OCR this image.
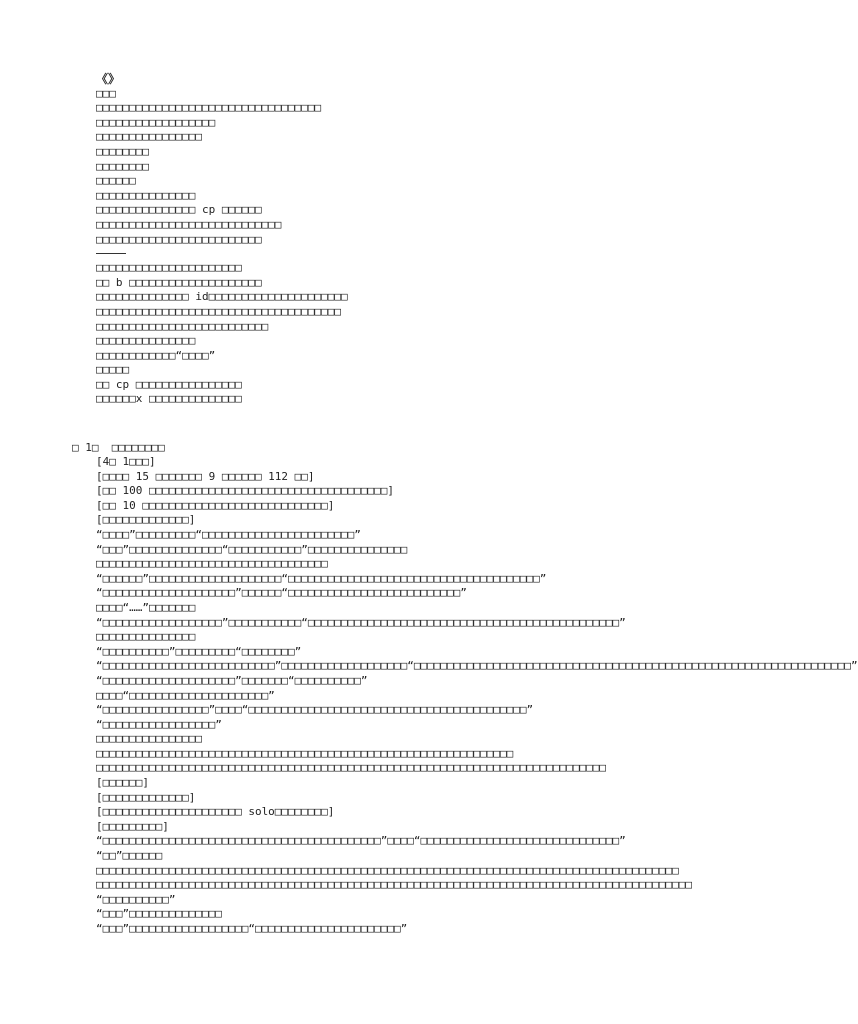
《》
□□□
□□□□□□□□□□□□□□□□□□□□□□□□□□□□□□□□□□
□□□□□□□□□□□□□□□□□□
□□□□□□□□□□□□□□□□
□□□□□□□□
□□□□□□□□
□□□□□□
□□□□□□□□□□□□□□□
□□□□□□□□□□□□□□□ cp □□□□□□
□□□□□□□□□□□□□□□□□□□□□□□□□□□□
□□□□□□□□□□□□□□□□□□□□□□□□□
□□□□□□□□□□□□□□□□□□□□□□
□□ b □□□□□□□□□□□□□□□□□□□□
□□□□□□□□□□□□□□ id□□□□□□□□□□□□□□□□□□□□□
□□□□□□□□□□□□□□□□□□□□□□□□□□□□□□□□□□□□□
□□□□□□□□□□□□□□□□□□□□□□□□□□
□□□□□□□□□□□□□□□
□□□□□□□□□□□□“□□□□”
□□□□□
□□ cp □□□□□□□□□□□□□□□□
□□□□□□x □□□□□□□□□□□□□□
□ 1□  □□□□□□□□
[4□ 1□□□]
[□□□□ 15 □□□□□□□ 9 □□□□□□ 112 □□]
[□□ 100 □□□□□□□□□□□□□□□□□□□□□□□□□□□□□□□□□□□□]
[□□ 10 □□□□□□□□□□□□□□□□□□□□□□□□□□□□]
[□□□□□□□□□□□□□]
“□□□□”□□□□□□□□□“□□□□□□□□□□□□□□□□□□□□□□□”
“□□□”□□□□□□□□□□□□□□“□□□□□□□□□□□”□□□□□□□□□□□□□□□
□□□□□□□□□□□□□□□□□□□□□□□□□□□□□□□□□□□
“□□□□□□”□□□□□□□□□□□□□□□□□□□□“□□□□□□□□□□□□□□□□□□□□□□□□□□□□□□□□□□□□□□”
“□□□□□□□□□□□□□□□□□□□□”□□□□□□“□□□□□□□□□□□□□□□□□□□□□□□□□□”
□□□□“……”□□□□□□□
“□□□□□□□□□□□□□□□□□□”□□□□□□□□□□□“□□□□□□□□□□□□□□□□□□□□□□□□□□□□□□□□□□□□□□□□□□□□□□□”
□□□□□□□□□□□□□□□
“□□□□□□□□□□”□□□□□□□□□“□□□□□□□□”
“□□□□□□□□□□□□□□□□□□□□□□□□□□”□□□□□□□□□□□□□□□□□□□“□□□□□□□□□□□□□□□□□□□□□□□□□□□□□□□□□□□□□□□□□□□□□□□□□□□□□□□□□□□□□□□□□□”
“□□□□□□□□□□□□□□□□□□□□”□□□□□□□“□□□□□□□□□□”
□□□□“□□□□□□□□□□□□□□□□□□□□□”
“□□□□□□□□□□□□□□□□”□□□□“□□□□□□□□□□□□□□□□□□□□□□□□□□□□□□□□□□□□□□□□□□”
“□□□□□□□□□□□□□□□□□”
□□□□□□□□□□□□□□□□
□□□□□□□□□□□□□□□□□□□□□□□□□□□□□□□□□□□□□□□□□□□□□□□□□□□□□□□□□□□□□□□
□□□□□□□□□□□□□□□□□□□□□□□□□□□□□□□□□□□□□□□□□□□□□□□□□□□□□□□□□□□□□□□□□□□□□□□□□□□□□
[□□□□□□]
[□□□□□□□□□□□□□]
[□□□□□□□□□□□□□□□□□□□□□ solo□□□□□□□□]
[□□□□□□□□□]
“□□□□□□□□□□□□□□□□□□□□□□□□□□□□□□□□□□□□□□□□□□”□□□□“□□□□□□□□□□□□□□□□□□□□□□□□□□□□□□”
“□□”□□□□□□
□□□□□□□□□□□□□□□□□□□□□□□□□□□□□□□□□□□□□□□□□□□□□□□□□□□□□□□□□□□□□□□□□□□□□□□□□□□□□□□□□□□□□□□□
□□□□□□□□□□□□□□□□□□□□□□□□□□□□□□□□□□□□□□□□□□□□□□□□□□□□□□□□□□□□□□□□□□□□□□□□□□□□□□□□□□□□□□□□□□
“□□□□□□□□□□”
“□□□”□□□□□□□□□□□□□□
“□□□”□□□□□□□□□□□□□□□□□□“□□□□□□□□□□□□□□□□□□□□□□”
